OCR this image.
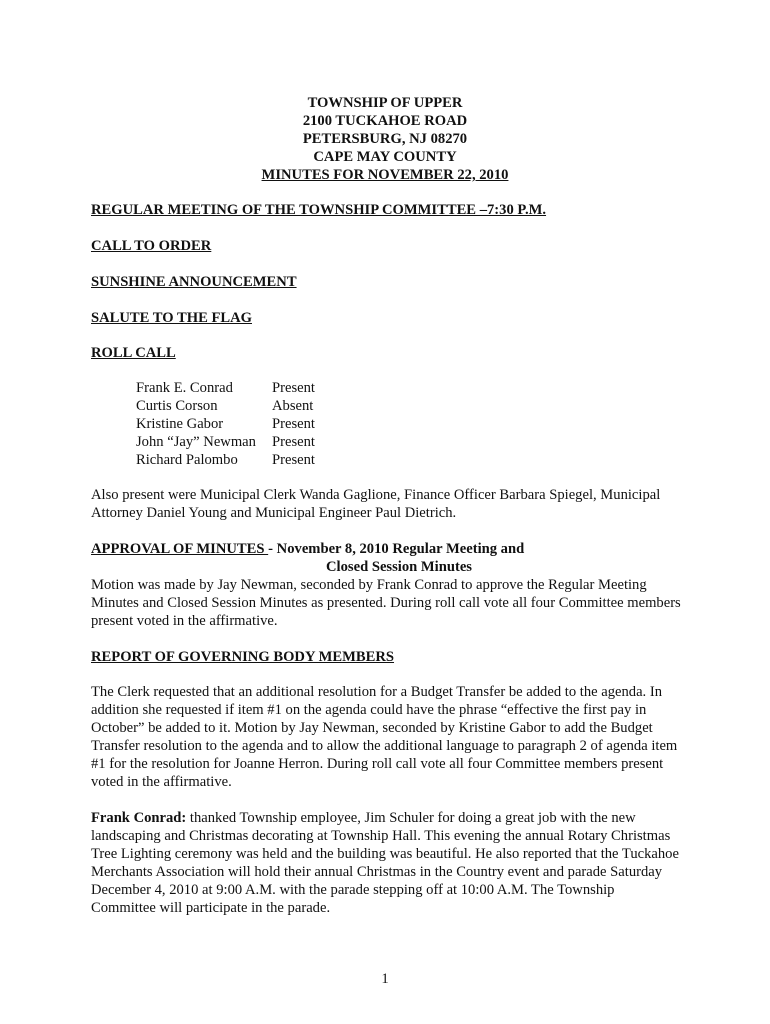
TOWNSHIP OF UPPER
2100 TUCKAHOE ROAD
PETERSBURG, NJ 08270
CAPE MAY COUNTY
MINUTES FOR NOVEMBER 22, 2010
REGULAR MEETING OF THE TOWNSHIP COMMITTEE –7:30 P.M.
CALL TO ORDER
SUNSHINE ANNOUNCEMENT
SALUTE TO THE FLAG
ROLL CALL
Frank E. Conrad	Present
Curtis Corson	Absent
Kristine Gabor	Present
John “Jay” Newman	Present
Richard Palombo	Present
Also present were Municipal Clerk Wanda Gaglione, Finance Officer Barbara Spiegel, Municipal Attorney Daniel Young and Municipal Engineer Paul Dietrich.
APPROVAL OF MINUTES - November 8, 2010 Regular Meeting and
Closed Session Minutes
Motion was made by Jay Newman, seconded by Frank Conrad to approve the Regular Meeting Minutes and Closed Session Minutes as presented. During roll call vote all four Committee members present voted in the affirmative.
REPORT OF GOVERNING BODY MEMBERS
The Clerk requested that an additional resolution for a Budget Transfer be added to the agenda. In addition she requested if item #1 on the agenda could have the phrase “effective the first pay in October” be added to it. Motion by Jay Newman, seconded by Kristine Gabor to add the Budget Transfer resolution to the agenda and to allow the additional language to paragraph 2 of agenda item #1 for the resolution for Joanne Herron. During roll call vote all four Committee members present voted in the affirmative.
Frank Conrad: thanked Township employee, Jim Schuler for doing a great job with the new landscaping and Christmas decorating at Township Hall. This evening the annual Rotary Christmas Tree Lighting ceremony was held and the building was beautiful. He also reported that the Tuckahoe Merchants Association will hold their annual Christmas in the Country event and parade Saturday December 4, 2010 at 9:00 A.M. with the parade stepping off at 10:00 A.M. The Township Committee will participate in the parade.
1
